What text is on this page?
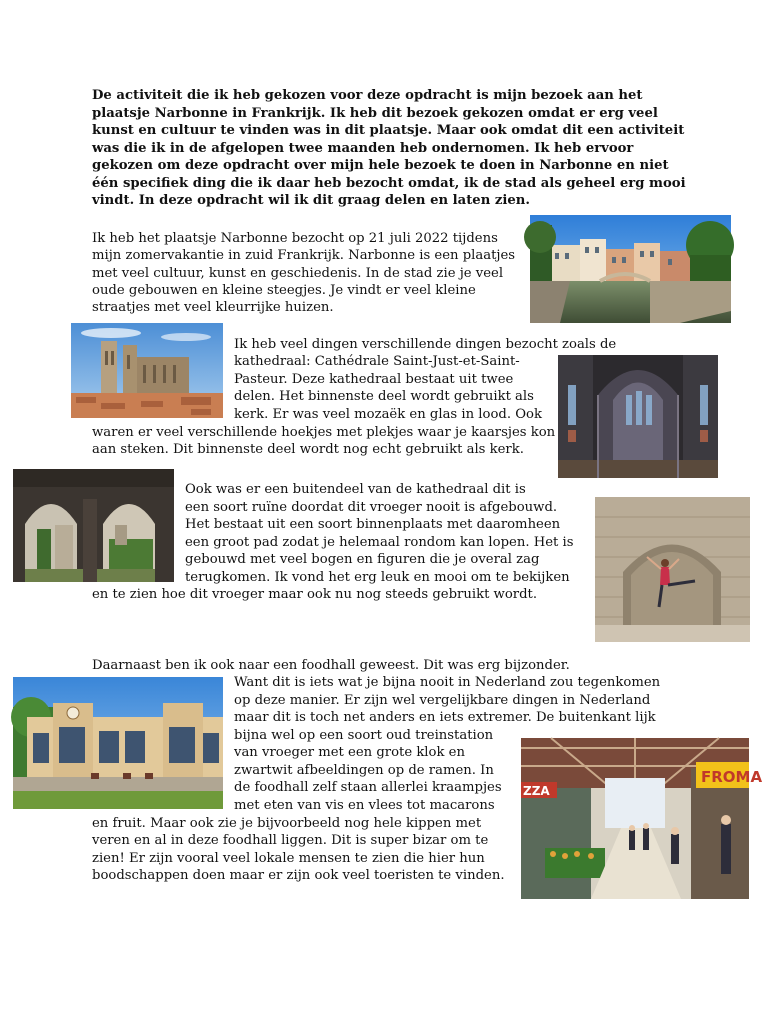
De activiteit die ik heb gekozen voor deze opdracht is mijn bezoek aan het

plaatsje Narbonne in Frankrijk. Ik heb dit bezoek gekozen omdat er erg veel

kunst en cultuur te vinden was in dit plaatsje. Maar ook omdat dit een activiteit

was die ik in de afgelopen twee maanden heb ondernomen. Ik heb ervoor

gekozen om deze opdracht over mijn hele bezoek te doen in Narbonne en niet

één specifiek ding die ik daar heb bezocht omdat, ik de stad als geheel erg mooi

vindt. In deze opdracht wil ik dit graag delen en laten zien.

Ik heb het plaatsje Narbonne bezocht op 21 juli 2022 tijdens

mijn zomervakantie in zuid Frankrijk. Narbonne is een plaatjes

met veel cultuur, kunst en geschiedenis. In de stad zie je veel

oude gebouwen en kleine steegjes. Je vindt er veel kleine

straatjes met veel kleurrijke huizen.

Ik heb veel dingen verschillende dingen bezocht zoals de

kathedraal: Cathédrale Saint-Just-et-Saint-

Pasteur. Deze kathedraal bestaat uit twee

delen. Het binnenste deel wordt gebruikt als

kerk. Er was veel mozaëk en glas in lood. Ook

waren er veel verschillende hoekjes met plekjes waar je kaarsjes kon

aan steken. Dit binnenste deel wordt nog echt gebruikt als kerk.

Ook was er een buitendeel van de kathedraal dit is

een soort ruïne doordat dit vroeger nooit is afgebouwd.

Het bestaat uit een soort binnenplaats met daaromheen

een groot pad zodat je helemaal rondom kan lopen. Het is

gebouwd met veel bogen en figuren die je overal zag

terugkomen. Ik vond het erg leuk en mooi om te bekijken

en te zien hoe dit vroeger maar ook nu nog steeds gebruikt wordt.

Daarnaast ben ik ook naar een foodhall geweest. Dit was erg bijzonder.

Want dit is iets wat je bijna nooit in Nederland zou tegenkomen

op deze manier. Er zijn wel vergelijkbare dingen in Nederland

maar dit is toch net anders en iets extremer. De buitenkant lijk

bijna wel op een soort oud treinstation

van vroeger met een grote klok en

zwartwit afbeeldingen op de ramen. In

de foodhall zelf staan allerlei kraampjes

met eten van vis en vlees tot macarons

en fruit. Maar ook zie je bijvoorbeeld nog hele kippen met

veren en al in deze foodhall liggen. Dit is super bizar om te

zien! Er zijn vooral veel lokale mensen te zien die hier hun

boodschappen doen maar er zijn ook veel toeristen te vinden.

FROMA
ZZA
